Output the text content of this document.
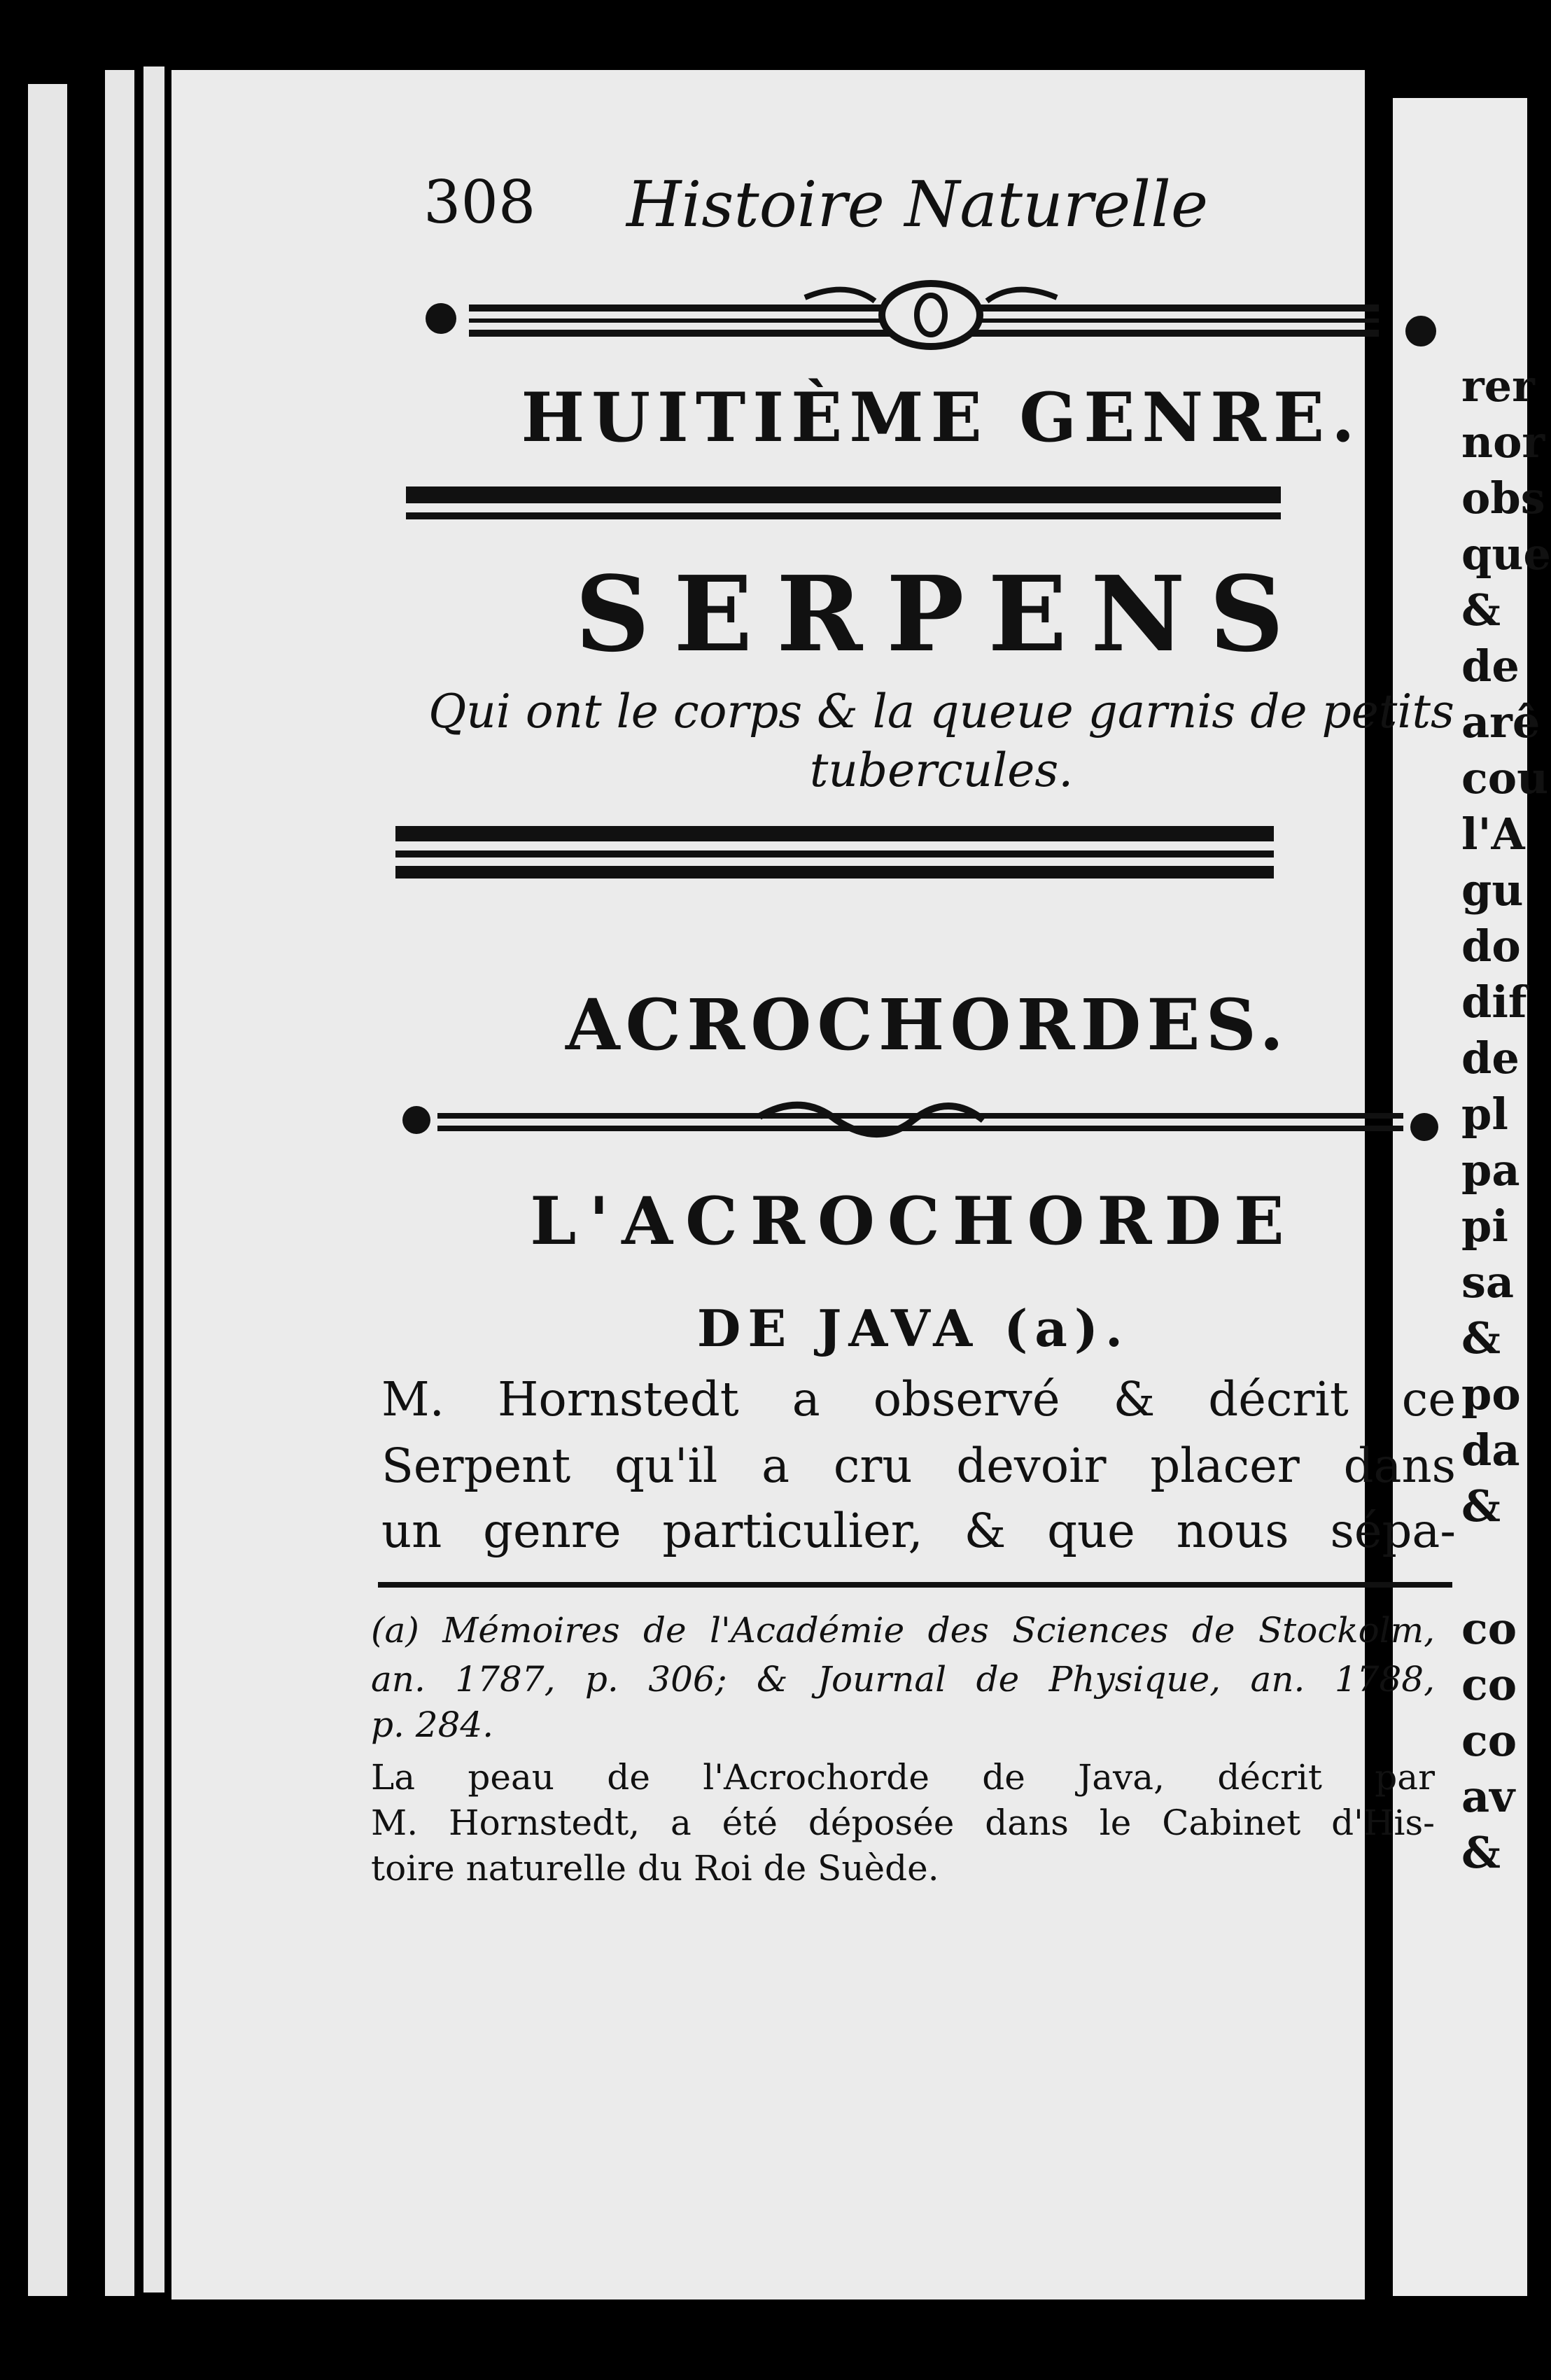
rer
nor
obs
que
&
de
arê
cou
l'A
gu
do
dif
de
pl
pa
pi
sa
&
po
da
&
co
co
co
av
&
308 Histoire Naturelle
HUITIÈME GENRE.
SERPENS
Qui ont le corps & la queue garnis de petits tubercules.
ACROCHORDES.
L'ACROCHORDE
DE JAVA (a).
M. Hornstedt a observé & décrit ce
Serpent qu'il a cru devoir placer dans
un genre particulier, & que nous sépa-
(a) Mémoires de l'Académie des Sciences de Stockolm,
an. 1787, p. 306; & Journal de Physique, an. 1788,
p. 284.
La peau de l'Acrochorde de Java, décrit par
M. Hornstedt, a été déposée dans le Cabinet d'His-
toire naturelle du Roi de Suède.
